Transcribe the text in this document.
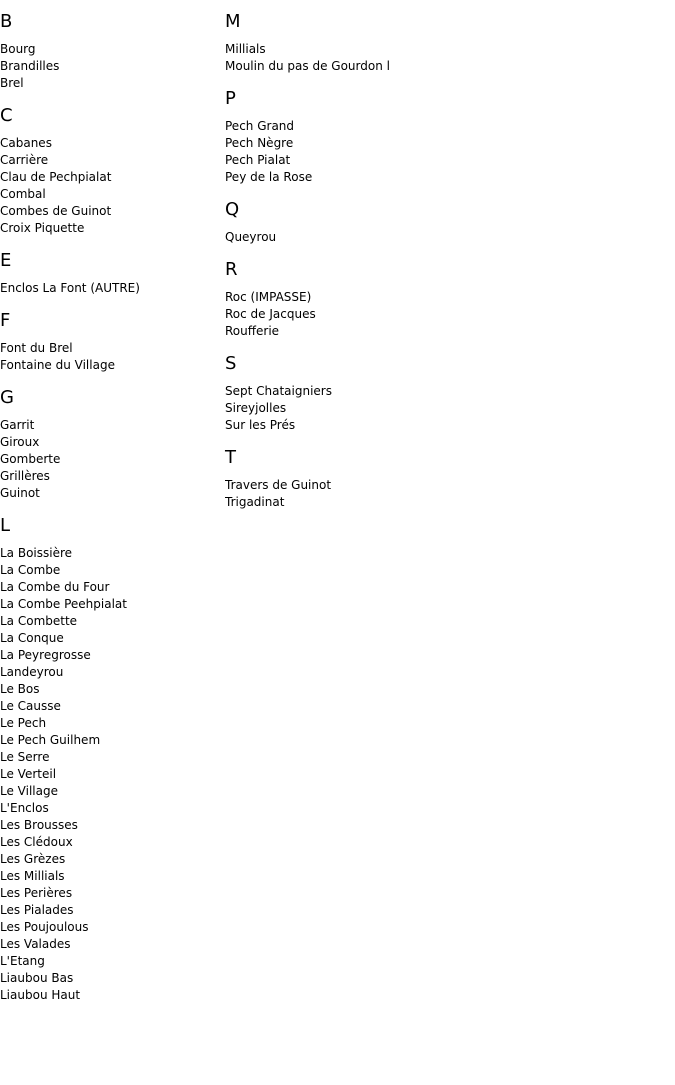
B
Bourg
Brandilles
Brel
C
Cabanes
Carrière
Clau de Pechpialat
Combal
Combes de Guinot
Croix Piquette
E
Enclos La Font (AUTRE)
F
Font du Brel
Fontaine du Village
G
Garrit
Giroux
Gomberte
Grillères
Guinot
L
La Boissière
La Combe
La Combe du Four
La Combe Peehpialat
La Combette
La Conque
La Peyregrosse
Landeyrou
Le Bos
Le Causse
Le Pech
Le Pech Guilhem
Le Serre
Le Verteil
Le Village
L'Enclos
Les Brousses
Les Clédoux
Les Grèzes
Les Millials
Les Perières
Les Pialades
Les Poujoulous
Les Valades
L'Etang
Liaubou Bas
Liaubou Haut
M
Millials
Moulin du pas de Gourdon l
P
Pech Grand
Pech Nègre
Pech Pialat
Pey de la Rose
Q
Queyrou
R
Roc (IMPASSE)
Roc de Jacques
Roufferie
S
Sept Chataigniers
Sireyjolles
Sur les Prés
T
Travers de Guinot
Trigadinat
